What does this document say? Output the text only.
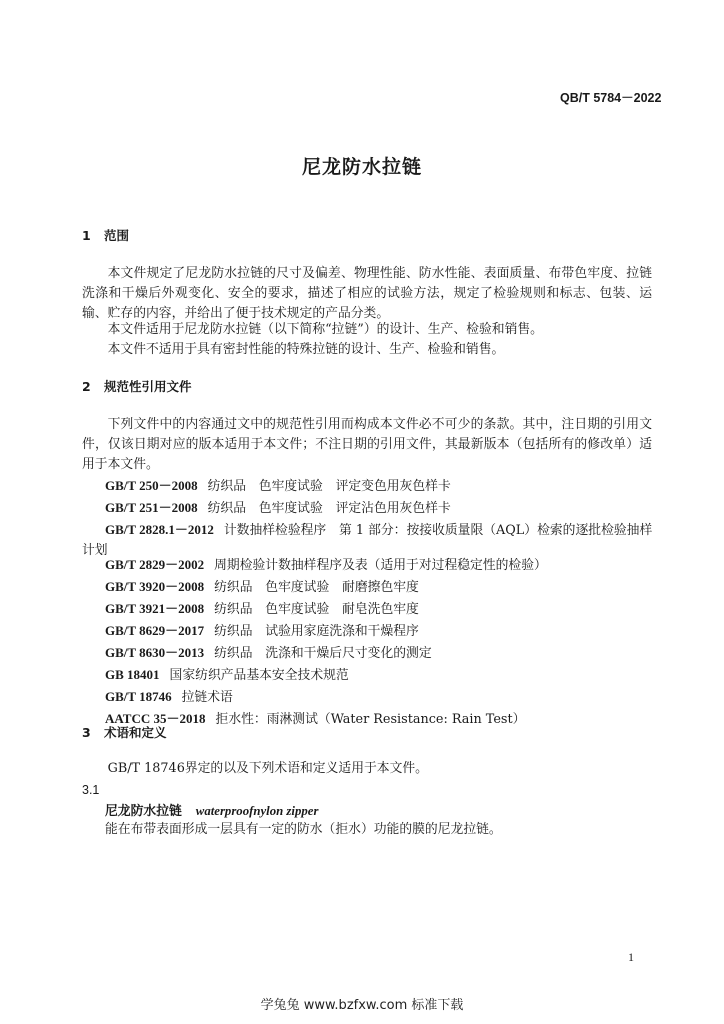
QB/T 5784－2022
尼龙防水拉链
1 范围
本文件规定了尼龙防水拉链的尺寸及偏差、物理性能、防水性能、表面质量、布带色牢度、拉链洗涤和干燥后外观变化、安全的要求，描述了相应的试验方法，规定了检验规则和标志、包装、运输、贮存的内容，并给出了便于技术规定的产品分类。
本文件适用于尼龙防水拉链（以下简称“拉链”）的设计、生产、检验和销售。
本文件不适用于具有密封性能的特殊拉链的设计、生产、检验和销售。
2 规范性引用文件
下列文件中的内容通过文中的规范性引用而构成本文件必不可少的条款。其中，注日期的引用文件，仅该日期对应的版本适用于本文件；不注日期的引用文件，其最新版本（包括所有的修改单）适用于本文件。
GB/T 250－2008 纺织品　色牢度试验　评定变色用灰色样卡
GB/T 251－2008 纺织品　色牢度试验　评定沾色用灰色样卡
GB/T 2828.1－2012 计数抽样检验程序　第 1 部分：按接收质量限（AQL）检索的逐批检验抽样计划
GB/T 2829－2002 周期检验计数抽样程序及表（适用于对过程稳定性的检验）
GB/T 3920－2008 纺织品　色牢度试验　耐磨擦色牢度
GB/T 3921－2008 纺织品　色牢度试验　耐皂洗色牢度
GB/T 8629－2017 纺织品　试验用家庭洗涤和干燥程序
GB/T 8630－2013 纺织品　洗涤和干燥后尺寸变化的测定
GB 18401 国家纺织产品基本安全技术规范
GB/T 18746 拉链术语
AATCC 35－2018 拒水性：雨淋测试（Water Resistance: Rain Test）
3 术语和定义
GB/T 18746界定的以及下列术语和定义适用于本文件。
3.1
尼龙防水拉链 waterproofnylon zipper
能在布带表面形成一层具有一定的防水（拒水）功能的膜的尼龙拉链。
1
学兔兔 www.bzfxw.com 标准下载
